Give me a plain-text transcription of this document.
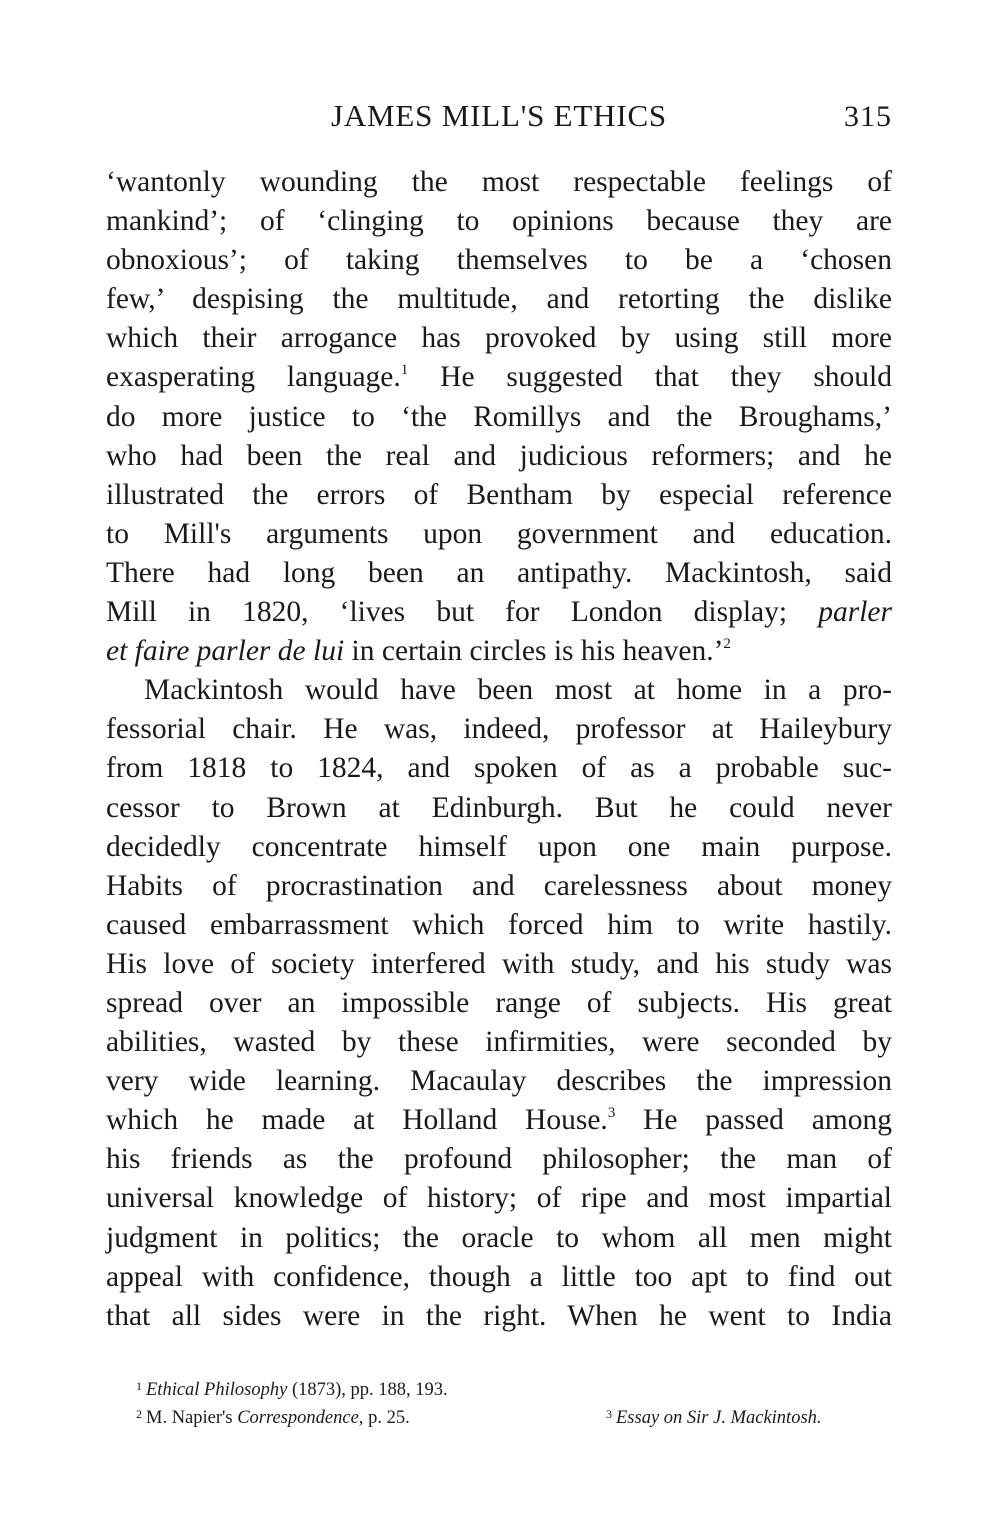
JAMES MILL'S ETHICS	315
‘wantonly wounding the most respectable feelings of
mankind’; of ‘clinging to opinions because they are
obnoxious’; of taking themselves to be a ‘chosen
few,’ despising the multitude, and retorting the dislike
which their arrogance has provoked by using still more
exasperating language.$^1$ He suggested that they should
do more justice to ‘the Romillys and the Broughams,’
who had been the real and judicious reformers; and he
illustrated the errors of Bentham by especial reference
to Mill's arguments upon government and education.
There had long been an antipathy. Mackintosh, said
Mill in 1820, ‘lives but for London display; parler
et faire parler de lui in certain circles is his heaven.’$^2$
Mackintosh would have been most at home in a pro-
fessorial chair. He was, indeed, professor at Haileybury
from 1818 to 1824, and spoken of as a probable suc-
cessor to Brown at Edinburgh. But he could never
decidedly concentrate himself upon one main purpose.
Habits of procrastination and carelessness about money
caused embarrassment which forced him to write hastily.
His love of society interfered with study, and his study was
spread over an impossible range of subjects. His great
abilities, wasted by these infirmities, were seconded by
very wide learning. Macaulay describes the impression
which he made at Holland House.$^3$ He passed among
his friends as the profound philosopher; the man of
universal knowledge of history; of ripe and most impartial
judgment in politics; the oracle to whom all men might
appeal with confidence, though a little too apt to find out
that all sides were in the right. When he went to India
$^1$ Ethical Philosophy (1873), pp. 188, 193.
$^2$ M. Napier's Correspondence, p. 25.	$^3$ Essay on Sir J. Mackintosh.
